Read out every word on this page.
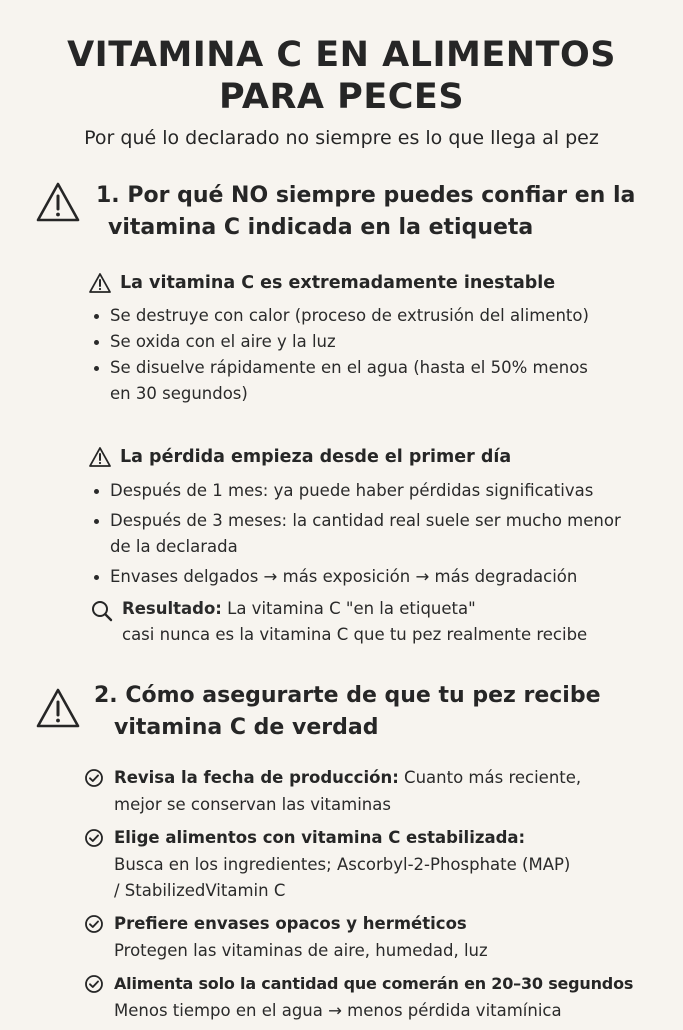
VITAMINA C EN ALIMENTOS
PARA PECES
Por qué lo declarado no siempre es lo que llega al pez
1. Por qué NO siempre puedes confiar en la
vitamina C indicada en la etiqueta
La vitamina C es extremadamente inestable
Se destruye con calor (proceso de extrusión del alimento)
Se oxida con el aire y la luz
Se disuelve rápidamente en el agua (hasta el 50% menos
en 30 segundos)
La pérdida empieza desde el primer día
Después de 1 mes: ya puede haber pérdidas significativas
Después de 3 meses: la cantidad real suele ser mucho menor
de la declarada
Envases delgados → más exposición → más degradación
Resultado: La vitamina C "en la etiqueta"
casi nunca es la vitamina C que tu pez realmente recibe
2. Cómo asegurarte de que tu pez recibe
vitamina C de verdad
Revisa la fecha de producción: Cuanto más reciente,
mejor se conservan las vitaminas
Elige alimentos con vitamina C estabilizada:
Busca en los ingredientes; Ascorbyl-2-Phosphate (MAP)
/ StabilizedVitamin C
Prefiere envases opacos y herméticos
Protegen las vitaminas de aire, humedad, luz
Alimenta solo la cantidad que comerán en 20–30 segundos
Menos tiempo en el agua → menos pérdida vitamínica
